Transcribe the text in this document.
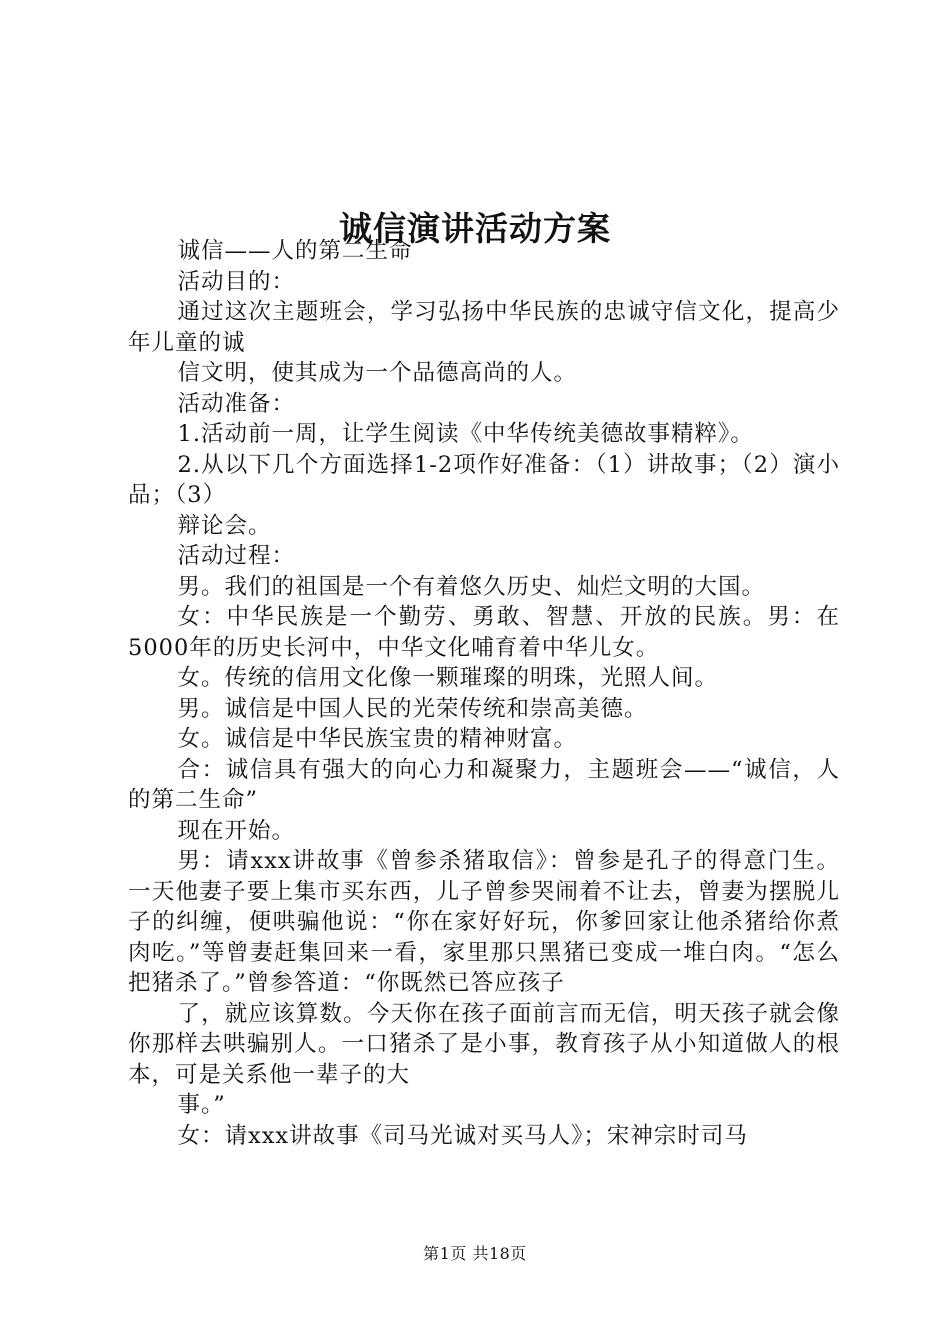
诚信演讲活动方案

诚信——人的第二生命

活动目的：

通过这次主题班会，学习弘扬中华民族的忠诚守信文化，提高少年儿童的诚

信文明，使其成为一个品德高尚的人。

活动准备：

1.活动前一周，让学生阅读《中华传统美德故事精粹》。

2.从以下几个方面选择1-2项作好准备：（1）讲故事；（2）演小品；（3）

辩论会。

活动过程：

男。我们的祖国是一个有着悠久历史、灿烂文明的大国。

女：中华民族是一个勤劳、勇敢、智慧、开放的民族。男：在5000年的历史长河中，中华文化哺育着中华儿女。

女。传统的信用文化像一颗璀璨的明珠，光照人间。

男。诚信是中国人民的光荣传统和崇高美德。

女。诚信是中华民族宝贵的精神财富。

合：诚信具有强大的向心力和凝聚力，主题班会——“诚信，人的第二生命”

现在开始。

男：请xxx讲故事《曾参杀猪取信》：曾参是孔子的得意门生。一天他妻子要上集市买东西，儿子曾参哭闹着不让去，曾妻为摆脱儿子的纠缠，便哄骗他说：“你在家好好玩，你爹回家让他杀猪给你煮肉吃。”等曾妻赶集回来一看，家里那只黑猪已变成一堆白肉。“怎么把猪杀了。”曾参答道：“你既然已答应孩子

了，就应该算数。今天你在孩子面前言而无信，明天孩子就会像你那样去哄骗别人。一口猪杀了是小事，教育孩子从小知道做人的根本，可是关系他一辈子的大

事。”

女：请xxx讲故事《司马光诚对买马人》；宋神宗时司马

第1页 共18页
